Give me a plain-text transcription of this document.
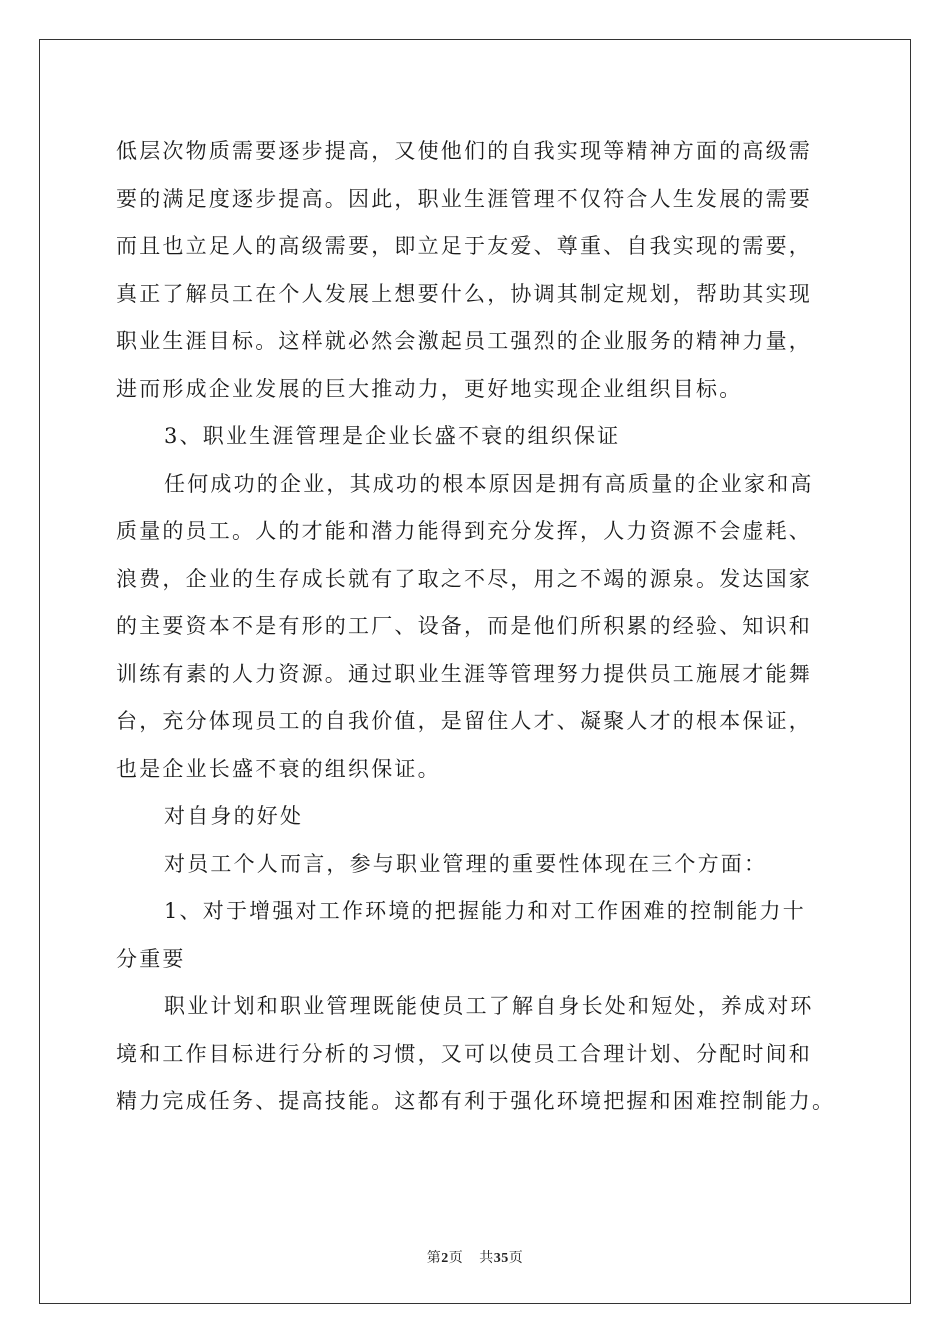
低层次物质需要逐步提高，又使他们的自我实现等精神方面的高级需

要的满足度逐步提高。因此，职业生涯管理不仅符合人生发展的需要

而且也立足人的高级需要，即立足于友爱、尊重、自我实现的需要，

真正了解员工在个人发展上想要什么，协调其制定规划，帮助其实现

职业生涯目标。这样就必然会激起员工强烈的企业服务的精神力量，

进而形成企业发展的巨大推动力，更好地实现企业组织目标。

3、职业生涯管理是企业长盛不衰的组织保证

任何成功的企业，其成功的根本原因是拥有高质量的企业家和高

质量的员工。人的才能和潜力能得到充分发挥，人力资源不会虚耗、

浪费，企业的生存成长就有了取之不尽，用之不竭的源泉。发达国家

的主要资本不是有形的工厂、设备，而是他们所积累的经验、知识和

训练有素的人力资源。通过职业生涯等管理努力提供员工施展才能舞

台，充分体现员工的自我价值，是留住人才、凝聚人才的根本保证，

也是企业长盛不衰的组织保证。

对自身的好处

对员工个人而言，参与职业管理的重要性体现在三个方面：

1、对于增强对工作环境的把握能力和对工作困难的控制能力十

分重要

职业计划和职业管理既能使员工了解自身长处和短处，养成对环

境和工作目标进行分析的习惯，又可以使员工合理计划、分配时间和

精力完成任务、提高技能。这都有利于强化环境把握和困难控制能力。

第2页 共35页
